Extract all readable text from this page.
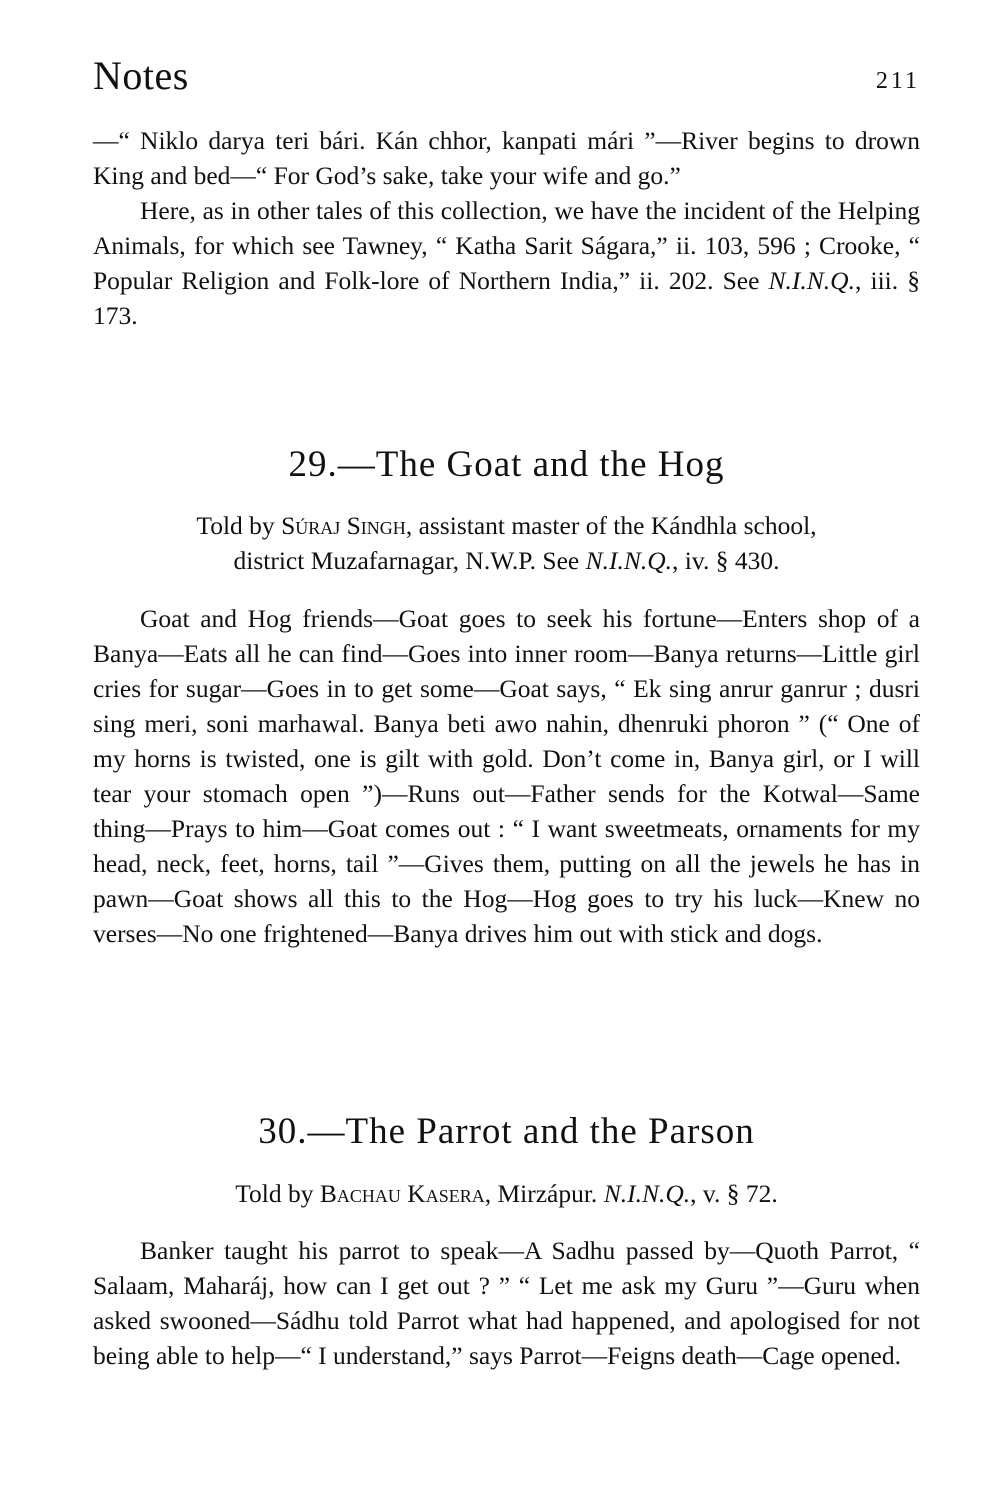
Notes	211

—“ Niklo darya teri bári. Kán chhor, kanpati mári ”—River begins to drown King and bed—“ For God’s sake, take your wife and go.”

Here, as in other tales of this collection, we have the incident of the Helping Animals, for which see Tawney, “ Katha Sarit Ságara,” ii. 103, 596 ; Crooke, “ Popular Religion and Folk-lore of Northern India,” ii. 202. See N.I.N.Q., iii. § 173.

29.—The Goat and the Hog
Told by Súraj Singh, assistant master of the Kándhla school,
district Muzafarnagar, N.W.P. See N.I.N.Q., iv. § 430.

Goat and Hog friends—Goat goes to seek his fortune—Enters shop of a Banya—Eats all he can find—Goes into inner room—Banya returns—Little girl cries for sugar—Goes in to get some—Goat says, “ Ek sing anrur ganrur ; dusri sing meri, soni marhawal. Banya beti awo nahin, dhenruki phoron ” (“ One of my horns is twisted, one is gilt with gold. Don’t come in, Banya girl, or I will tear your stomach open ”)—Runs out—Father sends for the Kotwal—Same thing—Prays to him—Goat comes out : “ I want sweetmeats, ornaments for my head, neck, feet, horns, tail ”—Gives them, putting on all the jewels he has in pawn—Goat shows all this to the Hog—Hog goes to try his luck—Knew no verses—No one frightened—Banya drives him out with stick and dogs.

30.—The Parrot and the Parson
Told by Bachau Kasera, Mirzápur. N.I.N.Q., v. § 72.

Banker taught his parrot to speak—A Sadhu passed by—Quoth Parrot, “ Salaam, Maharáj, how can I get out ? ” “ Let me ask my Guru ”—Guru when asked swooned—Sádhu told Parrot what had happened, and apologised for not being able to help—“ I understand,” says Parrot—Feigns death—Cage opened.
